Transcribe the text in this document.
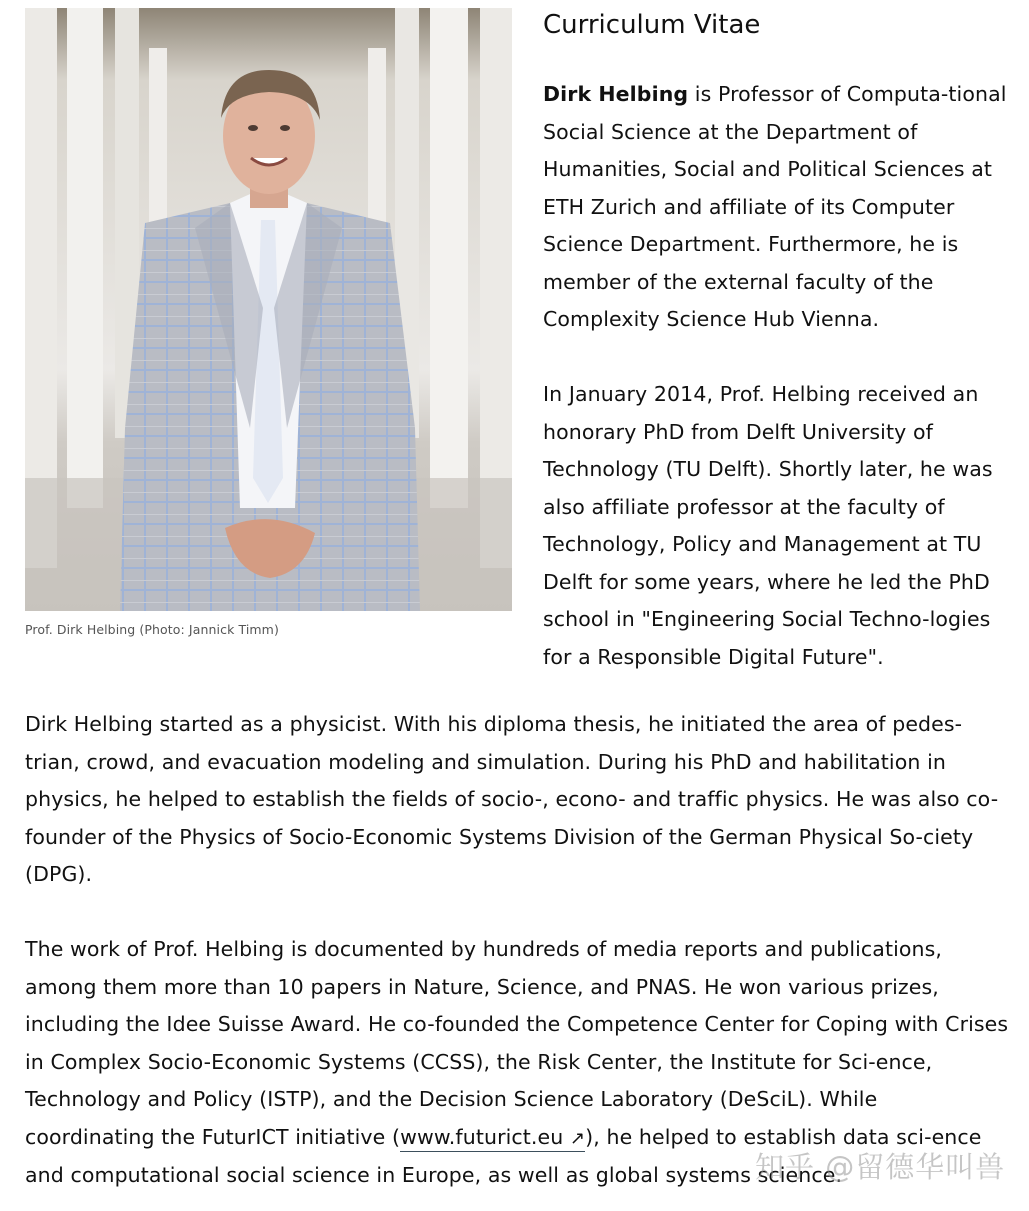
Prof. Dirk Helbing (Photo: Jannick Timm)
Curriculum Vitae

Dirk Helbing is Professor of Computa-tional Social Science at the Department of Humanities, Social and Political Sciences at ETH Zurich and affiliate of its Computer Science Department. Furthermore, he is member of the external faculty of the Complexity Science Hub Vienna.

In January 2014, Prof. Helbing received an honorary PhD from Delft University of Technology (TU Delft). Shortly later, he was also affiliate professor at the faculty of Technology, Policy and Management at TU Delft for some years, where he led the PhD school in "Engineering Social Techno-logies for a Responsible Digital Future".

Dirk Helbing started as a physicist. With his diploma thesis, he initiated the area of pedes-trian, crowd, and evacuation modeling and simulation. During his PhD and habilitation in physics, he helped to establish the fields of socio-, econo- and traffic physics. He was also co-founder of the Physics of Socio-Economic Systems Division of the German Physical So-ciety (DPG).

The work of Prof. Helbing is documented by hundreds of media reports and publications, among them more than 10 papers in Nature, Science, and PNAS. He won various prizes, including the Idee Suisse Award. He co-founded the Competence Center for Coping with Crises in Complex Socio-Economic Systems (CCSS), the Risk Center, the Institute for Sci-ence, Technology and Policy (ISTP), and the Decision Science Laboratory (DeSciL). While coordinating the FuturICT initiative (www.futurict.eu ↗), he helped to establish data sci-ence and computational social science in Europe, as well as global systems science.

知乎 @留德华叫兽
